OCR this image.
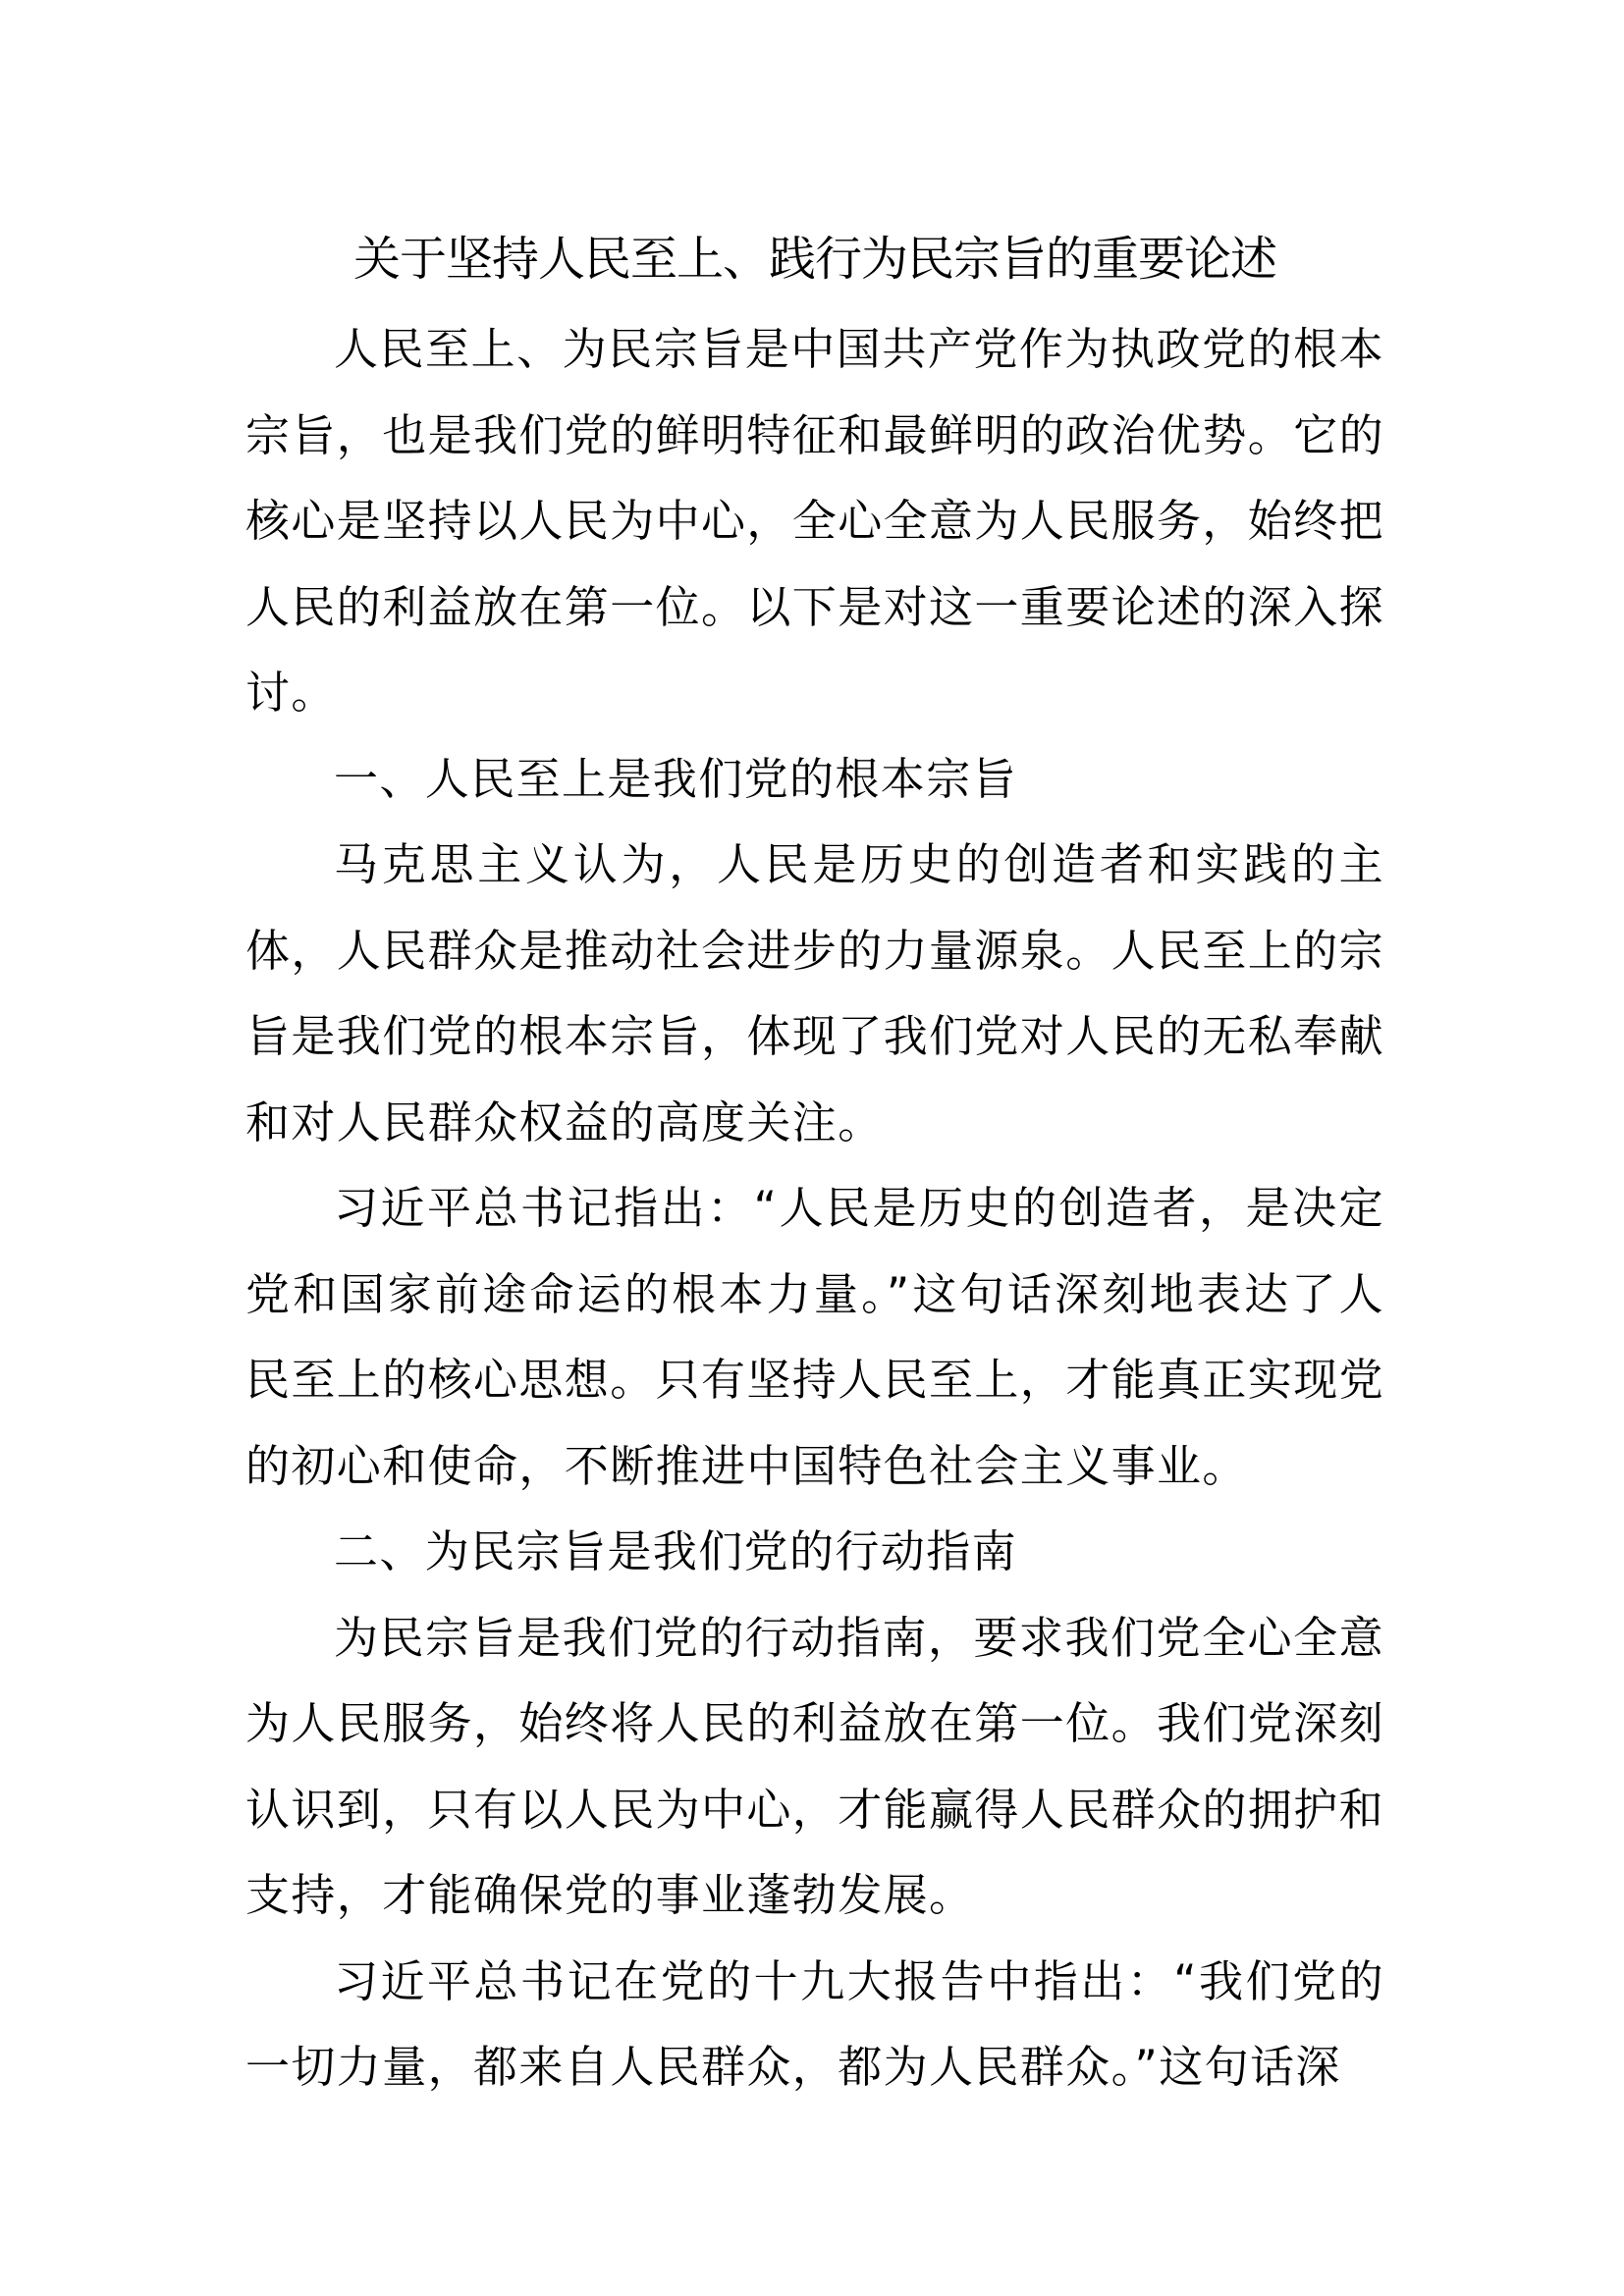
关于坚持人民至上、践行为民宗旨的重要论述

人民至上、为民宗旨是中国共产党作为执政党的根本宗旨，也是我们党的鲜明特征和最鲜明的政治优势。它的核心是坚持以人民为中心，全心全意为人民服务，始终把人民的利益放在第一位。以下是对这一重要论述的深入探讨。

一、人民至上是我们党的根本宗旨

马克思主义认为，人民是历史的创造者和实践的主体，人民群众是推动社会进步的力量源泉。人民至上的宗旨是我们党的根本宗旨，体现了我们党对人民的无私奉献和对人民群众权益的高度关注。

习近平总书记指出：“人民是历史的创造者，是决定党和国家前途命运的根本力量。”这句话深刻地表达了人民至上的核心思想。只有坚持人民至上，才能真正实现党的初心和使命，不断推进中国特色社会主义事业。

二、为民宗旨是我们党的行动指南

为民宗旨是我们党的行动指南，要求我们党全心全意为人民服务，始终将人民的利益放在第一位。我们党深刻认识到，只有以人民为中心，才能赢得人民群众的拥护和支持，才能确保党的事业蓬勃发展。

习近平总书记在党的十九大报告中指出：“我们党的一切力量，都来自人民群众，都为人民群众。”这句话深
